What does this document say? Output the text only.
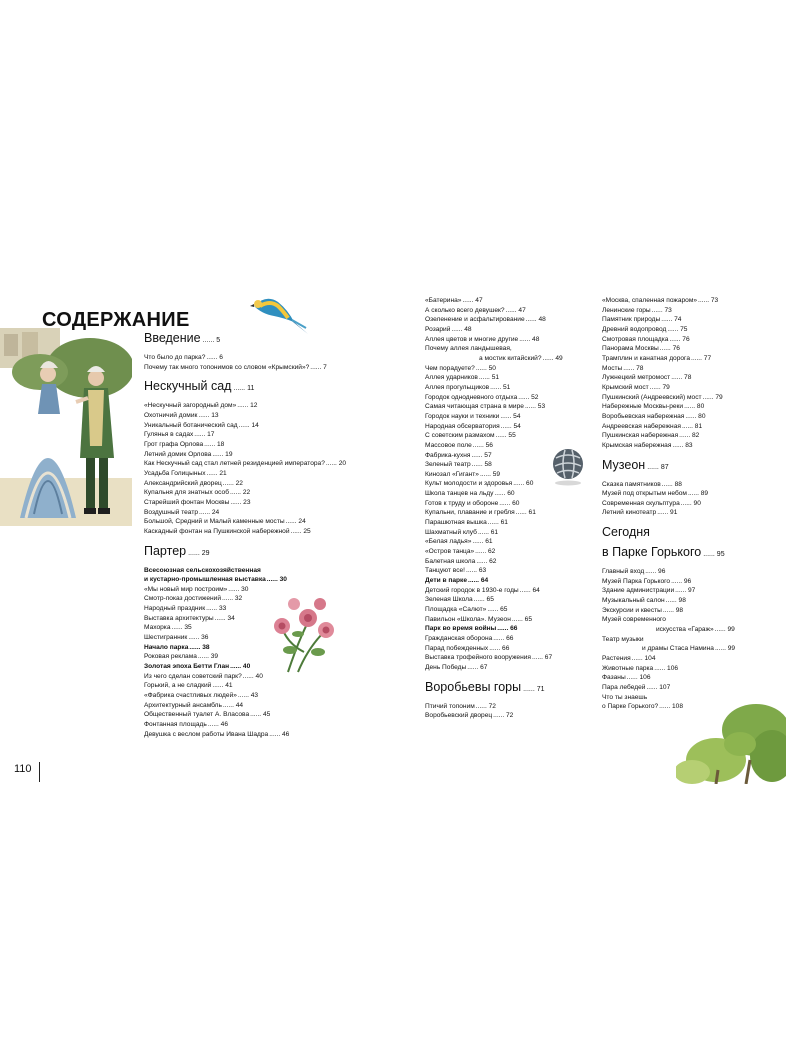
СОДЕРЖАНИЕ
Введение ...... 5
Что было до парка? ...... 6
Почему так много топонимов со словом «Крымский»? ...... 7
Нескучный сад ...... 11
«Нескучный загородный дом» ...... 12
Охотничий домик ...... 13
Уникальный ботанический сад ...... 14
Гулянья в садах ...... 17
Грот графа Орлова ...... 18
Летний домик Орлова ...... 19
Как Нескучный сад стал летней резиденцией императора? ...... 20
Усадьба Голицыных ...... 21
Александрийский дворец ...... 22
Купальня для знатных особ ...... 22
Старейший фонтан Москвы ...... 23
Воздушный театр ...... 24
Большой, Средний и Малый каменные мосты ...... 24
Каскадный фонтан на Пушкинской набережной ...... 25
Партер ...... 29
Всесоюзная сельскохозяйственная
и кустарно-промышленная выставка ...... 30
«Мы новый мир построим» ...... 30
Смотр-показ достижений ...... 32
Народный праздник ...... 33
Выставка архитектуры ...... 34
Махорка ...... 35
Шестигранник ...... 36
Начало парка ...... 38
Роковая реклама ...... 39
Золотая эпоха Бетти Глан ...... 40
Из чего сделан советский парк? ...... 40
Горький, а не сладкий ...... 41
«Фабрика счастливых людей» ...... 43
Архитектурный ансамбль ...... 44
Общественный туалет А. Власова ...... 45
Фонтанная площадь ...... 46
Девушка с веслом работы Ивана Шадра ...... 46
«Батерина» ...... 47
А сколько всего девушек? ...... 47
Озеленение и асфальтирование ...... 48
Розарий ...... 48
Аллея цветов и многие другие ...... 48
Почему аллея ландышевая,
а мостик китайский? ...... 49
Чем порадуете? ...... 50
Аллея ударников ...... 51
Аллея прогульщиков ...... 51
Городок однодневного отдыха ...... 52
Самая читающая страна в мире ...... 53
Городок науки и техники ...... 54
Народная обсерватория ...... 54
С советским размахом ...... 55
Массовое поле ...... 56
Фабрика-кухня ...... 57
Зеленый театр ...... 58
Кинозал «Гигант» ...... 59
Культ молодости и здоровья ...... 60
Школа танцев на льду ...... 60
Готов к труду и обороне ...... 60
Купальни, плавание и гребля ...... 61
Парашютная вышка ...... 61
Шахматный клуб ...... 61
«Белая ладья» ...... 61
«Остров танца» ...... 62
Балетная школа ...... 62
Танцуют все! ...... 63
Дети в парке ...... 64
Детский городок в 1930-е годы ...... 64
Зеленая Школа ...... 65
Площадка «Салют» ...... 65
Павильон «Школа». Музеон ...... 65
Парк во время войны ...... 66
Гражданская оборона ...... 66
Парад побежденных ...... 66
Выставка трофейного вооружения ...... 67
День Победы ...... 67
Воробьевы горы ...... 71
Птичий топоним ...... 72
Воробьевский дворец ...... 72
«Москва, спаленная пожаром» ...... 73
Ленинские горы ...... 73
Памятник природы ...... 74
Древний водопровод ...... 75
Смотровая площадка ...... 76
Панорама Москвы ...... 76
Трамплин и канатная дорога ...... 77
Мосты ...... 78
Лужнецкий метромост ...... 78
Крымский мост ...... 79
Пушкинский (Андреевский) мост ...... 79
Набережные Москвы-реки ...... 80
Воробьевская набережная ...... 80
Андреевская набережная ...... 81
Пушкинская набережная ...... 82
Крымская набережная ...... 83
Музеон ...... 87
Сказка памятников ...... 88
Музей под открытым небом ...... 89
Современная скульптура ...... 90
Летний кинотеатр ...... 91
Сегодня
в Парке Горького ...... 95
Главный вход ...... 96
Музей Парка Горького ...... 96
Здание администрации ...... 97
Музыкальный салон ...... 98
Экскурсии и квесты ...... 98
Музей современного
искусства «Гараж» ...... 99
Театр музыки
и драмы Стаса Намина ...... 99
Растения ...... 104
Животные парка ...... 106
Фазаны ...... 106
Пара лебедей ...... 107
Что ты знаешь
о Парке Горького? ...... 108
110
